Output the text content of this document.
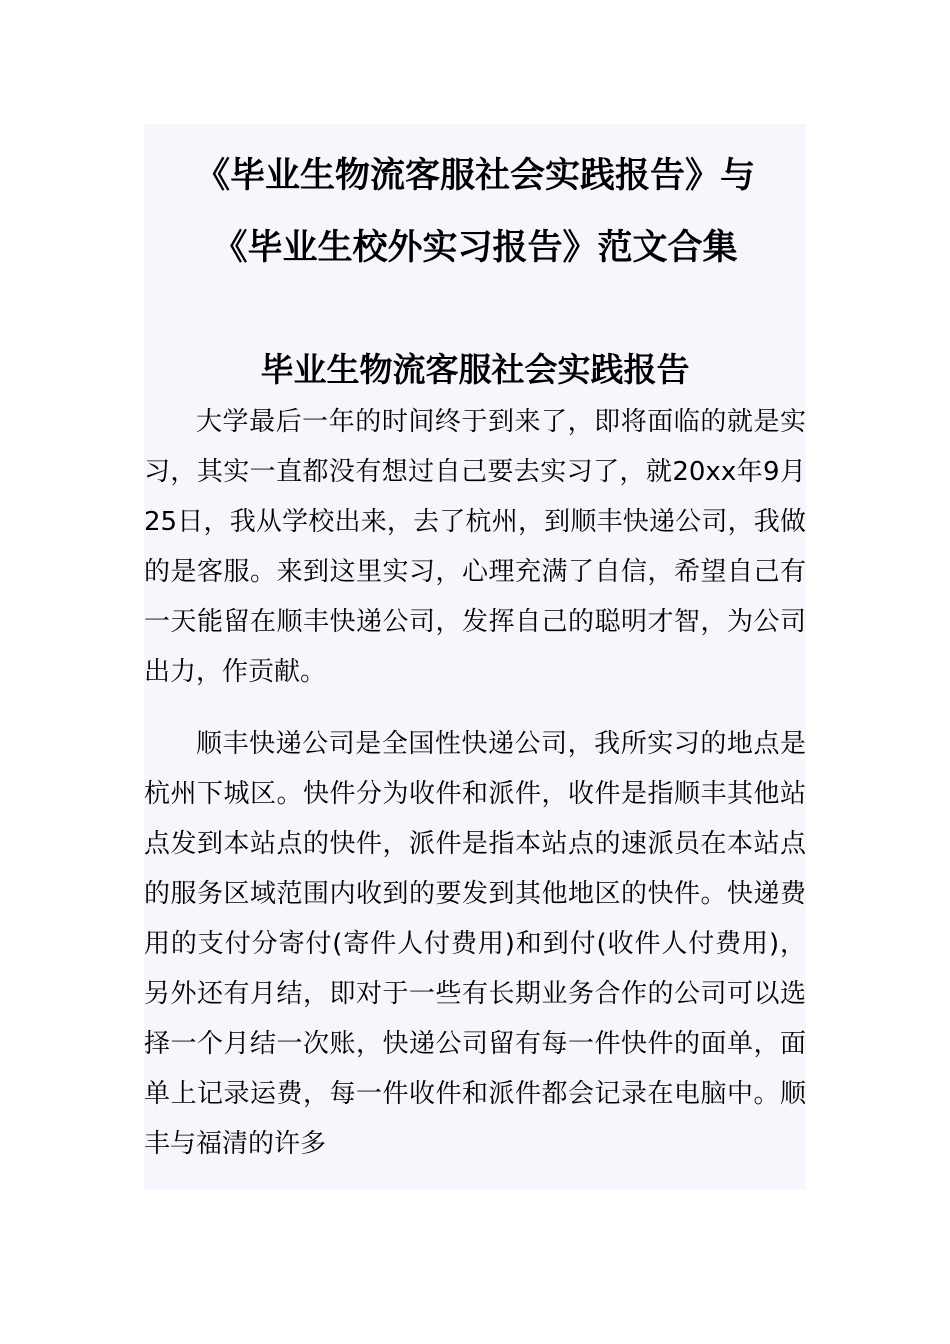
《毕业生物流客服社会实践报告》与
《毕业生校外实习报告》范文合集
毕业生物流客服社会实践报告

大学最后一年的时间终于到来了，即将面临的就是实习，其实一直都没有想过自己要去实习了，就20xx年9月25日，我从学校出来，去了杭州，到顺丰快递公司，我做的是客服。来到这里实习，心理充满了自信，希望自己有一天能留在顺丰快递公司，发挥自己的聪明才智，为公司出力，作贡献。

顺丰快递公司是全国性快递公司，我所实习的地点是杭州下城区。快件分为收件和派件，收件是指顺丰其他站点发到本站点的快件，派件是指本站点的速派员在本站点的服务区域范围内收到的要发到其他地区的快件。快递费用的支付分寄付(寄件人付费用)和到付(收件人付费用)，另外还有月结，即对于一些有长期业务合作的公司可以选择一个月结一次账，快递公司留有每一件快件的面单，面单上记录运费，每一件收件和派件都会记录在电脑中。顺丰与福清的许多
